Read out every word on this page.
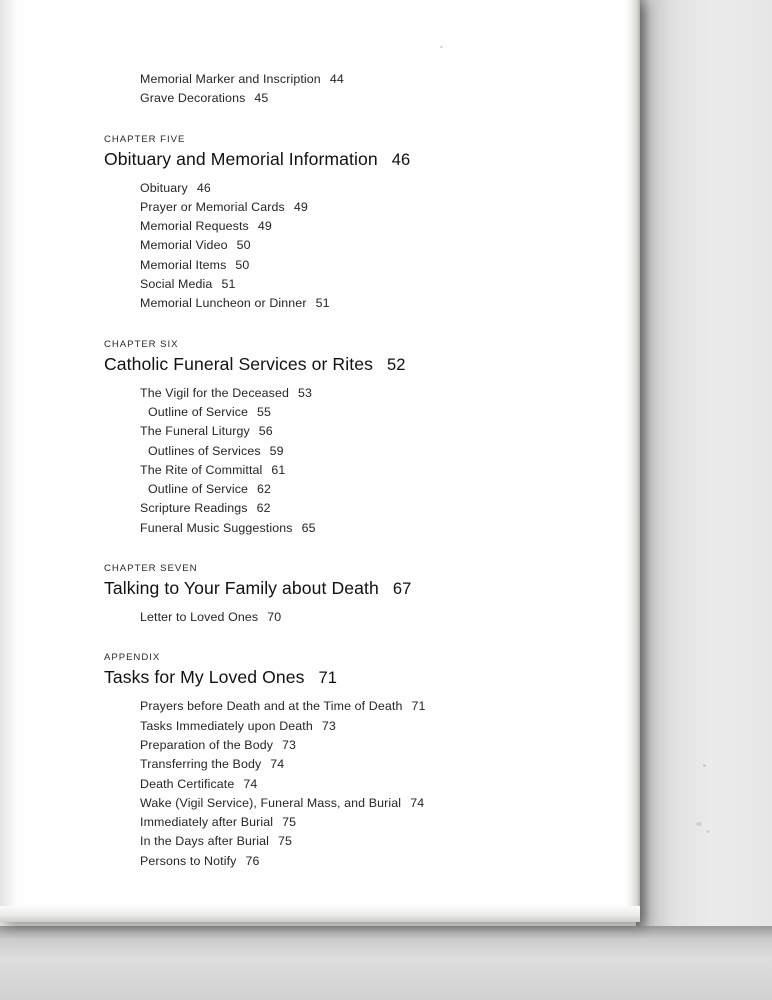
Memorial Marker and Inscription 44
Grave Decorations 45
CHAPTER FIVE
Obituary and Memorial Information 46
Obituary 46
Prayer or Memorial Cards 49
Memorial Requests 49
Memorial Video 50
Memorial Items 50
Social Media 51
Memorial Luncheon or Dinner 51
CHAPTER SIX
Catholic Funeral Services or Rites 52
The Vigil for the Deceased 53
Outline of Service 55
The Funeral Liturgy 56
Outlines of Services 59
The Rite of Committal 61
Outline of Service 62
Scripture Readings 62
Funeral Music Suggestions 65
CHAPTER SEVEN
Talking to Your Family about Death 67
Letter to Loved Ones 70
APPENDIX
Tasks for My Loved Ones 71
Prayers before Death and at the Time of Death 71
Tasks Immediately upon Death 73
Preparation of the Body 73
Transferring the Body 74
Death Certificate 74
Wake (Vigil Service), Funeral Mass, and Burial 74
Immediately after Burial 75
In the Days after Burial 75
Persons to Notify 76
